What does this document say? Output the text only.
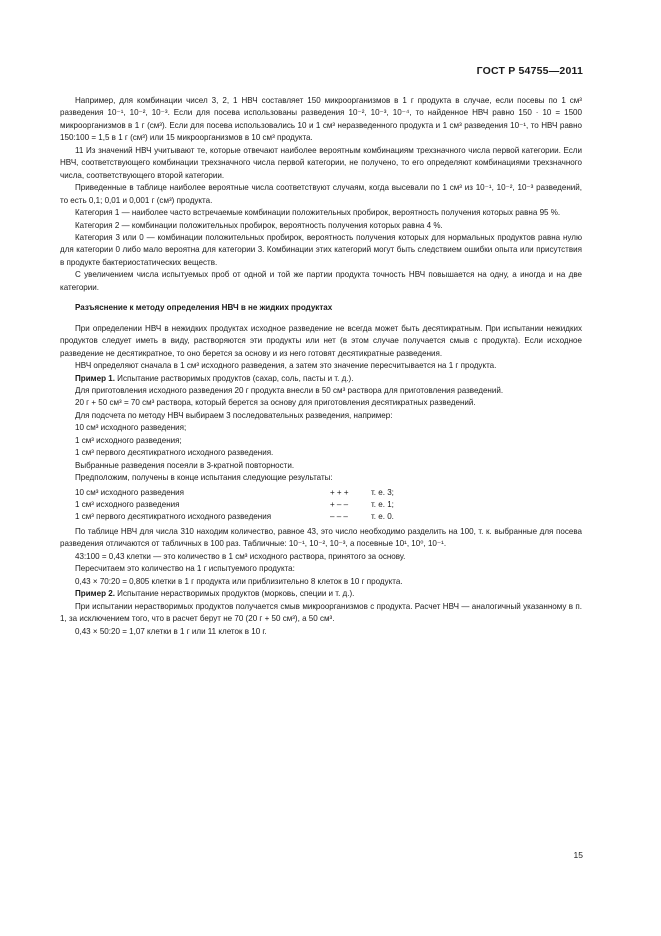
ГОСТ Р 54755—2011

Например, для комбинации чисел 3, 2, 1 НВЧ составляет 150 микроорганизмов в 1 г продукта в случае, если посевы по 1 см³ разведения 10⁻¹, 10⁻², 10⁻³. Если для посева использованы разведения 10⁻², 10⁻³, 10⁻⁴, то найденное НВЧ равно 150 · 10 = 1500 микроорганизмов в 1 г (см³). Если для посева использовались 10 и 1 см³ неразведенного продукта и 1 см³ разведения 10⁻¹, то НВЧ равно 150:100 = 1,5 в 1 г (см³) или 15 микроорганизмов в 10 см³ продукта.

11 Из значений НВЧ учитывают те, которые отвечают наиболее вероятным комбинациям трехзначного числа первой категории. Если НВЧ, соответствующего комбинации трехзначного числа первой категории, не получено, то его определяют комбинациями трехзначного числа, соответствующего второй категории.

Приведенные в таблице наиболее вероятные числа соответствуют случаям, когда высевали по 1 см³ из 10⁻¹, 10⁻², 10⁻³ разведений, то есть 0,1; 0,01 и 0,001 г (см³) продукта.

Категория 1 — наиболее часто встречаемые комбинации положительных пробирок, вероятность получения которых равна 95 %.

Категория 2 — комбинации положительных пробирок, вероятность получения которых равна 4 %.

Категория 3 или 0 — комбинации положительных пробирок, вероятность получения которых для нормальных продуктов равна нулю для категории 0 либо мало вероятна для категории 3. Комбинации этих категорий могут быть следствием ошибки опыта или присутствия в продукте бактериостатических веществ.

С увеличением числа испытуемых проб от одной и той же партии продукта точность НВЧ повышается на одну, а иногда и на две категории.

Разъяснение к методу определения НВЧ в не жидких продуктах

При определении НВЧ в нежидких продуктах исходное разведение не всегда может быть десятикратным. При испытании нежидких продуктов следует иметь в виду, растворяются эти продукты или нет (в этом случае получается смыв с продукта). Если исходное разведение не десятикратное, то оно берется за основу и из него готовят десятикратные разведения.

НВЧ определяют сначала в 1 см³ исходного разведения, а затем это значение пересчитывается на 1 г продукта.

Пример 1. Испытание растворимых продуктов (сахар, соль, пасты и т. д.).

Для приготовления исходного разведения 20 г продукта внесли в 50 см³ раствора для приготовления разведений.

20 г + 50 см³ = 70 см³ раствора, который берется за основу для приготовления десятикратных разведений.

Для подсчета по методу НВЧ выбираем 3 последовательных разведения, например:

10 см³ исходного разведения;

1 см³ исходного разведения;

1 см³ первого десятикратного исходного разведения.

Выбранные разведения посеяли в 3-кратной повторности.

Предположим, получены в конце испытания следующие результаты:

10 см³ исходного разведения	+ + +	т. е. 3;
1 см³ исходного разведения	+ – –	т. е. 1;
1 см³ первого десятикратного исходного разведения	– – –	т. е. 0.

По таблице НВЧ для числа 310 находим количество, равное 43, это число необходимо разделить на 100, т. к. выбранные для посева разведения отличаются от табличных в 100 раз. Табличные: 10⁻¹, 10⁻², 10⁻³, а посевные 10¹, 10⁰, 10⁻¹.

43:100 = 0,43 клетки — это количество в 1 см³ исходного раствора, принятого за основу.

Пересчитаем это количество на 1 г испытуемого продукта:

0,43 × 70:20 = 0,805 клетки в 1 г продукта или приблизительно 8 клеток в 10 г продукта.

Пример 2. Испытание нерастворимых продуктов (морковь, специи и т. д.).

При испытании нерастворимых продуктов получается смыв микроорганизмов с продукта. Расчет НВЧ — аналогичный указанному в п. 1, за исключением того, что в расчет берут не 70 (20 г + 50 см³), а 50 см³.

0,43 × 50:20 = 1,07 клетки в 1 г или 11 клеток в 10 г.

15
